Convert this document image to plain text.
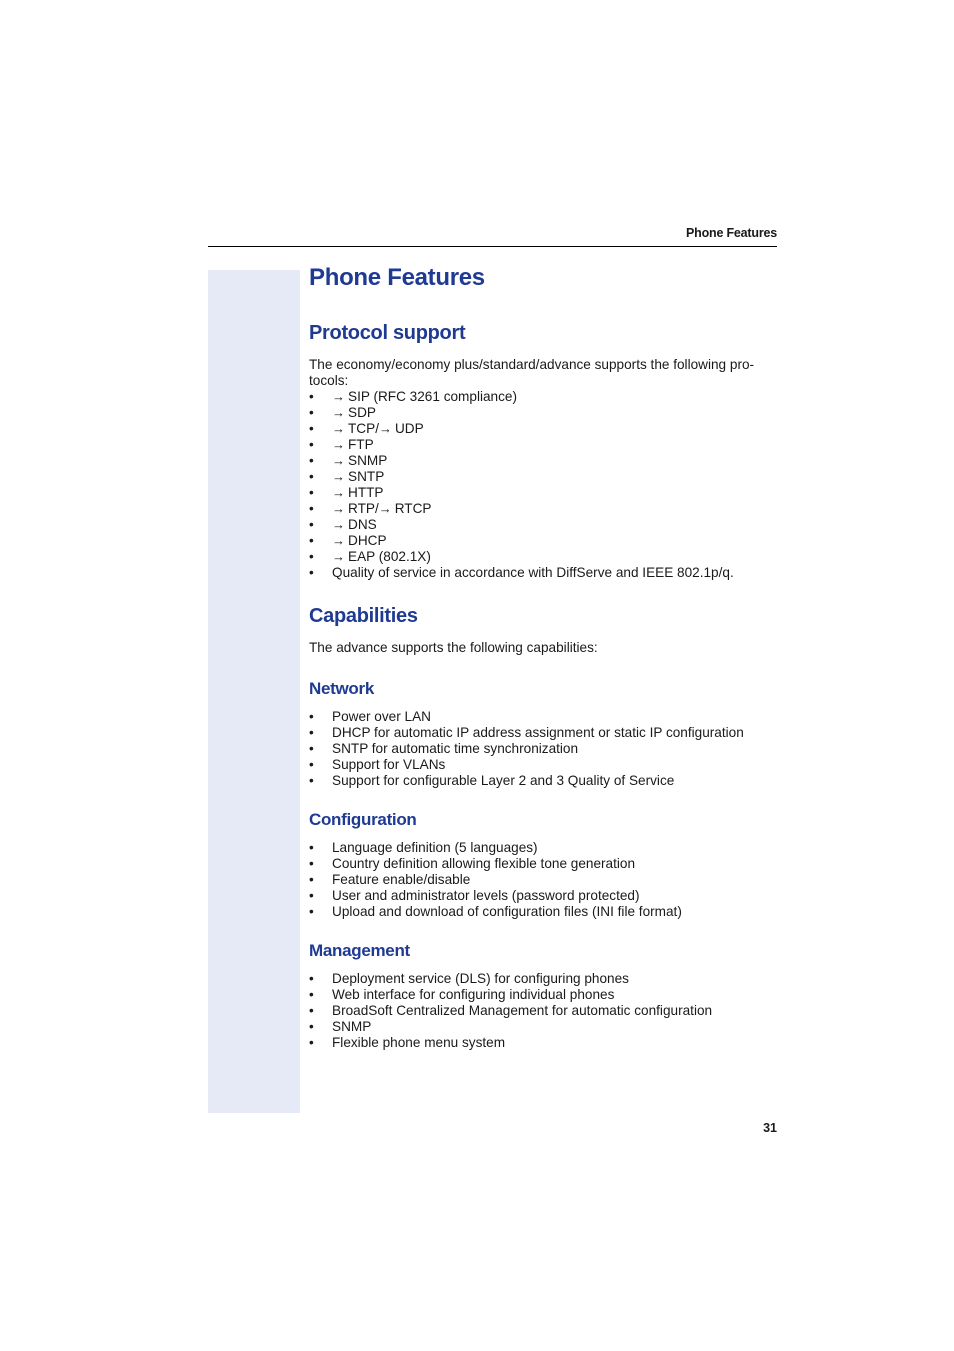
Phone Features
Phone Features
Protocol support

The economy/economy plus/standard/advance supports the following pro-
tocols:

• → SIP (RFC 3261 compliance)
• → SDP
• → TCP/→ UDP
• → FTP
• → SNMP
• → SNTP
• → HTTP
• → RTP/→ RTCP
• → DNS
• → DHCP
• → EAP (802.1X)
• Quality of service in accordance with DiffServe and IEEE 802.1p/q.
Capabilities

The advance supports the following capabilities:

Network
• Power over LAN
• DHCP for automatic IP address assignment or static IP configuration
• SNTP for automatic time synchronization
• Support for VLANs
• Support for configurable Layer 2 and 3 Quality of Service
Configuration
• Language definition (5 languages)
• Country definition allowing flexible tone generation
• Feature enable/disable
• User and administrator levels (password protected)
• Upload and download of configuration files (INI file format)
Management
• Deployment service (DLS) for configuring phones
• Web interface for configuring individual phones
• BroadSoft Centralized Management for automatic configuration
• SNMP
• Flexible phone menu system
31
